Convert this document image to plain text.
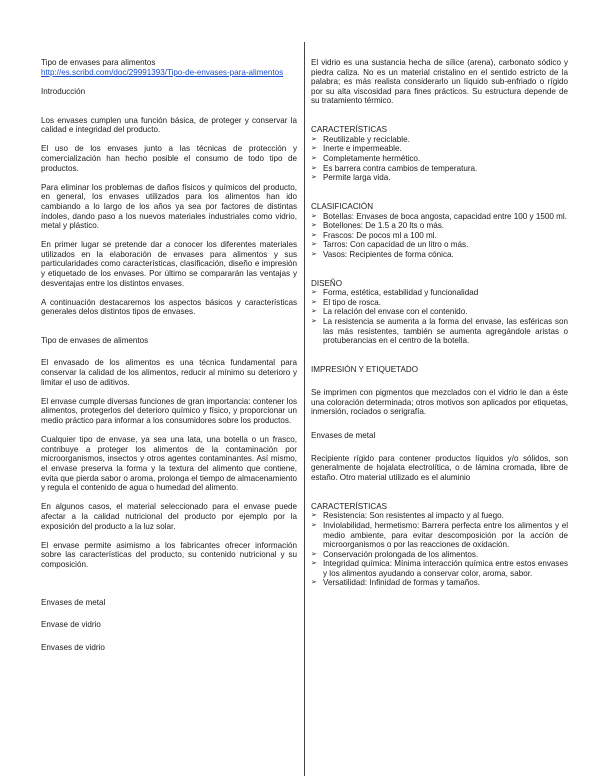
Tipo de envases para alimentos
http://es.scribd.com/doc/29991393/Tipo-de-envases-para-alimentos
Introducción

Los envases cumplen una función básica, de proteger y conservar la calidad e integridad del producto.

El uso de los envases junto a las técnicas de protección y comercialización han hecho posible el consumo de todo tipo de productos.

Para eliminar los problemas de daños físicos y químicos del producto, en general, los envases utilizados para los alimentos han ido cambiando a lo largo de los años ya sea por factores de distintas índoles, dando paso a los nuevos materiales industriales como vidrio, metal y plástico.

En primer lugar se pretende dar a conocer los diferentes materiales utilizados en la elaboración de envases para alimentos y sus particularidades como características, clasificación, diseño e impresión y etiquetado de los envases. Por último se compararán las ventajas y desventajas entre los distintos envases.

A continuación destacaremos los aspectos básicos y características generales delos distintos tipos de envases.

Tipo de envases de alimentos

El envasado de los alimentos es una técnica fundamental para conservar la calidad de los alimentos, reducir al mínimo su deterioro y limitar el uso de aditivos.

El envase cumple diversas funciones de gran importancia: contener los alimentos, protegerlos del deterioro químico y físico, y proporcionar un medio práctico para informar a los consumidores sobre los productos.

Cualquier tipo de envase, ya sea una lata, una botella o un frasco, contribuye a proteger los alimentos de la contaminación por microorganismos, insectos y otros agentes contaminantes. Así mismo, el envase preserva la forma y la textura del alimento que contiene, evita que pierda sabor o aroma, prolonga el tiempo de almacenamiento y regula el contenido de agua o humedad del alimento.

En algunos casos, el material seleccionado para el envase puede afectar a la calidad nutricional del producto por ejemplo por la exposición del producto a la luz solar.

El envase permite asimismo a los fabricantes ofrecer información sobre las características del producto, su contenido nutricional y su composición.

Envases de metal
Envase de vidrio
Envases de vidrio

El vidrio es una sustancia hecha de sílice (arena), carbonato sódico y piedra caliza. No es un material cristalino en el sentido estricto de la palabra; es más realista considerarlo un líquido sub-enfriado o rígido por su alta viscosidad para fines prácticos. Su estructura depende de su tratamiento térmico.

CARACTERÍSTICAS
➢ Reutilizable y reciclable.
➢ Inerte e impermeable.
➢ Completamente hermético.
➢ Es barrera contra cambios de temperatura.
➢ Permite larga vida.
CLASIFICACIÓN
➢ Botellas: Envases de boca angosta, capacidad entre 100 y 1500 ml.
➢ Botellones: De 1.5 a 20 lts o más.
➢ Frascos: De pocos ml a 100 ml.
➢ Tarros: Con capacidad de un litro o más.
➢ Vasos: Recipientes de forma cónica.
DISEÑO
➢ Forma, estética, estabilidad y funcionalidad
➢ El tipo de rosca.
➢ La relación del envase con el contenido.
➢ La resistencia se aumenta a la forma del envase, las esféricas son las más resistentes, también se aumenta agregándole aristas o protuberancias en el centro de la botella.
IMPRESIÓN Y ETIQUETADO

Se imprimen con pigmentos que mezclados con el vidrio le dan a éste una coloración determinada; otros motivos son aplicados por etiquetas, inmersión, rociados o serigrafía.

Envases de metal

Recipiente rígido para contener productos líquidos y/o sólidos, son generalmente de hojalata electrolítica, o de lámina cromada, libre de estaño. Otro material utilizado es el aluminio

CARACTERÍSTICAS
➢ Resistencia: Son resistentes al impacto y al fuego.
➢ Inviolabilidad, hermetismo: Barrera perfecta entre los alimentos y el medio ambiente, para evitar descomposición por la acción de microorganismos o por las reacciones de oxidación.
➢ Conservación prolongada de los alimentos.
➢ Integridad química: Mínima interacción química entre estos envases y los alimentos ayudando a conservar color, aroma, sabor.
➢ Versatilidad: Infinidad de formas y tamaños.
